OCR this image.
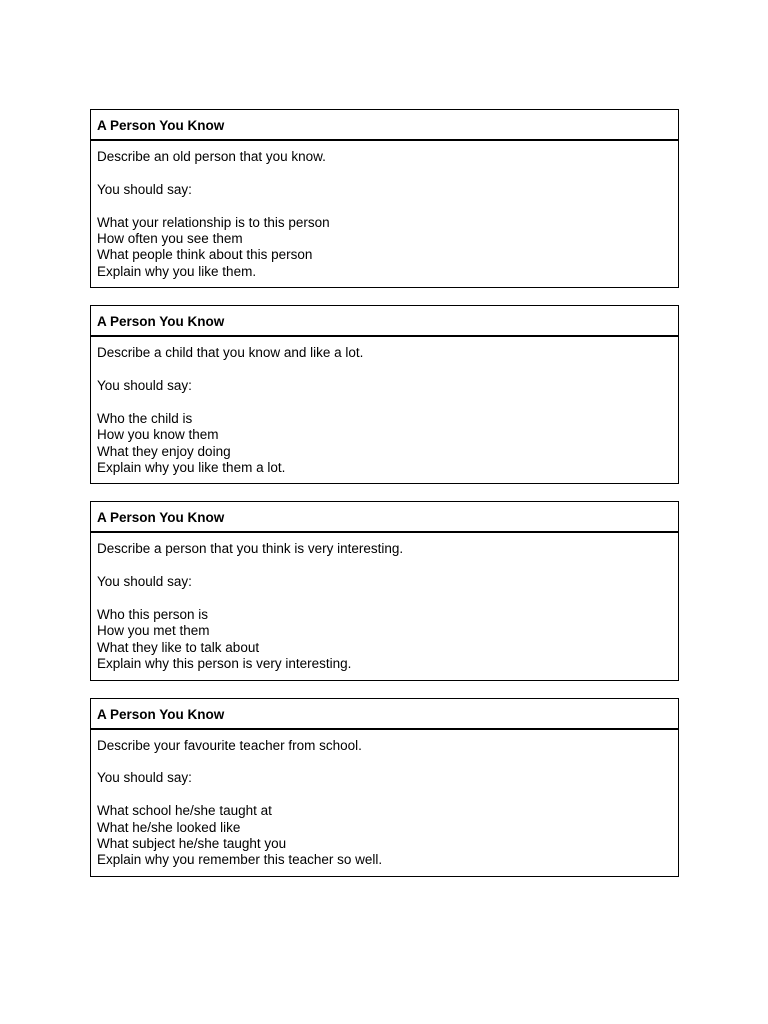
A Person You Know
Describe an old person that you know.
You should say:
What your relationship is to this person
How often you see them
What people think about this person
Explain why you like them.
A Person You Know
Describe a child that you know and like a lot.
You should say:
Who the child is
How you know them
What they enjoy doing
Explain why you like them a lot.
A Person You Know
Describe a person that you think is very interesting.
You should say:
Who this person is
How you met them
What they like to talk about
Explain why this person is very interesting.
A Person You Know
Describe your favourite teacher from school.
You should say:
What school he/she taught at
What he/she looked like
What subject he/she taught you
Explain why you remember this teacher so well.
